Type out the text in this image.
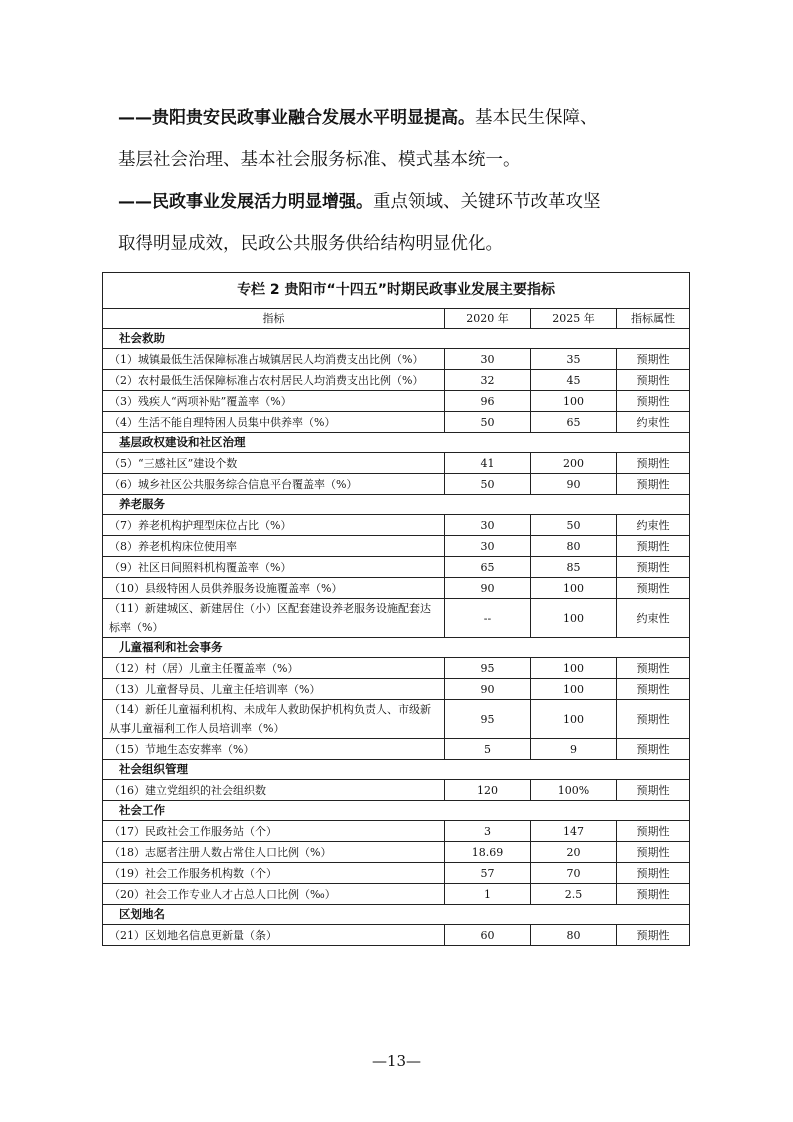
——贵阳贵安民政事业融合发展水平明显提高。基本民生保障、
基层社会治理、基本社会服务标准、模式基本统一。
——民政事业发展活力明显增强。重点领域、关键环节改革攻坚
取得明显成效，民政公共服务供给结构明显优化。
专栏 2 贵阳市“十四五”时期民政事业发展主要指标			
指标	2020 年	2025 年	指标属性
社会救助			
（1）城镇最低生活保障标准占城镇居民人均消费支出比例（%）	30	35	预期性
（2）农村最低生活保障标准占农村居民人均消费支出比例（%）	32	45	预期性
（3）残疾人“两项补贴”覆盖率（%）	96	100	预期性
（4）生活不能自理特困人员集中供养率（%）	50	65	约束性
基层政权建设和社区治理			
（5）“三感社区”建设个数	41	200	预期性
（6）城乡社区公共服务综合信息平台覆盖率（%）	50	90	预期性
养老服务			
（7）养老机构护理型床位占比（%）	30	50	约束性
（8）养老机构床位使用率	30	80	预期性
（9）社区日间照料机构覆盖率（%）	65	85	预期性
（10）县级特困人员供养服务设施覆盖率（%）	90	100	预期性
（11）新建城区、新建居住（小）区配套建设养老服务设施配套达标率（%）	--	100	约束性
儿童福利和社会事务			
（12）村（居）儿童主任覆盖率（%）	95	100	预期性
（13）儿童督导员、儿童主任培训率（%）	90	100	预期性
（14）新任儿童福利机构、未成年人救助保护机构负责人、市级新从事儿童福利工作人员培训率（%）	95	100	预期性
（15）节地生态安葬率（%）	5	9	预期性
社会组织管理			
（16）建立党组织的社会组织数	120	100%	预期性
社会工作			
（17）民政社会工作服务站（个）	3	147	预期性
（18）志愿者注册人数占常住人口比例（%）	18.69	20	预期性
（19）社会工作服务机构数（个）	57	70	预期性
（20）社会工作专业人才占总人口比例（‰）	1	2.5	预期性
区划地名			
（21）区划地名信息更新量（条）	60	80	预期性
—13—
